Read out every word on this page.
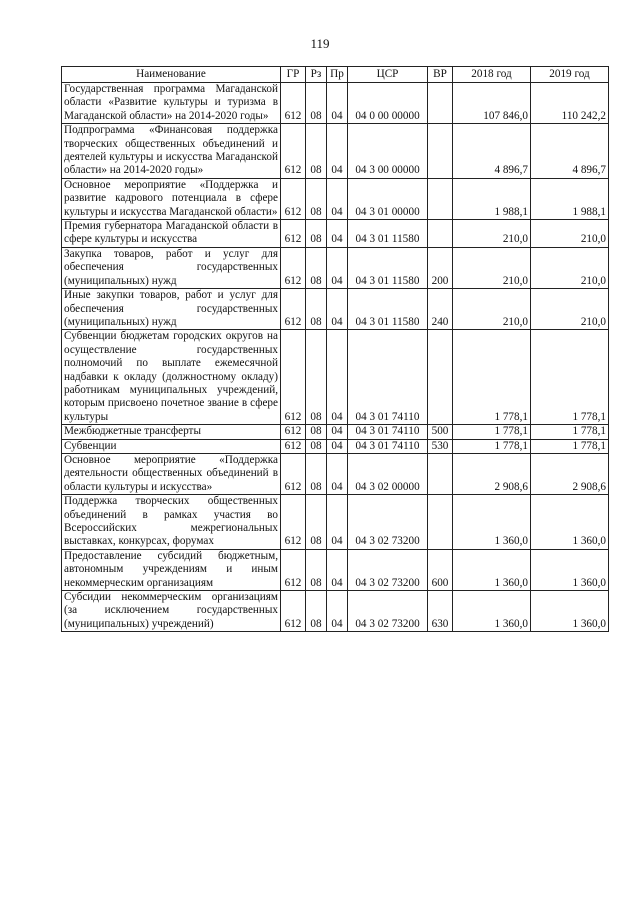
119
Наименование	ГР	Рз	Пр	ЦСР	ВР	2018 год	2019 год
Государственная программа Магаданской области «Развитие культуры и туризма в Магаданской области» на 2014-2020 годы»	612	08	04	04 0 00 00000		107 846,0	110 242,2
Подпрограмма «Финансовая поддержка творческих общественных объединений и деятелей культуры и искусства Магаданской области» на 2014-2020 годы»	612	08	04	04 3 00 00000		4 896,7	4 896,7
Основное мероприятие «Поддержка и развитие кадрового потенциала в сфере культуры и искусства Магаданской области»	612	08	04	04 3 01 00000		1 988,1	1 988,1
Премия губернатора Магаданской области в сфере культуры и искусства	612	08	04	04 3 01 11580		210,0	210,0
Закупка товаров, работ и услуг для обеспечения государственных (муниципальных) нужд	612	08	04	04 3 01 11580	200	210,0	210,0
Иные закупки товаров, работ и услуг для обеспечения государственных (муниципальных) нужд	612	08	04	04 3 01 11580	240	210,0	210,0
Субвенции бюджетам городских округов на осуществление государственных полномочий по выплате ежемесячной надбавки к окладу (должностному окладу) работникам муниципальных учреждений, которым присвоено почетное звание в сфере культуры	612	08	04	04 3 01 74110		1 778,1	1 778,1
Межбюджетные трансферты	612	08	04	04 3 01 74110	500	1 778,1	1 778,1
Субвенции	612	08	04	04 3 01 74110	530	1 778,1	1 778,1
Основное мероприятие «Поддержка деятельности общественных объединений в области культуры и искусства»	612	08	04	04 3 02 00000		2 908,6	2 908,6
Поддержка творческих общественных объединений в рамках участия во Всероссийских межрегиональных выставках, конкурсах, форумах	612	08	04	04 3 02 73200		1 360,0	1 360,0
Предоставление субсидий бюджетным, автономным учреждениям и иным некоммерческим организациям	612	08	04	04 3 02 73200	600	1 360,0	1 360,0
Субсидии некоммерческим организациям (за исключением государственных (муниципальных) учреждений)	612	08	04	04 3 02 73200	630	1 360,0	1 360,0
